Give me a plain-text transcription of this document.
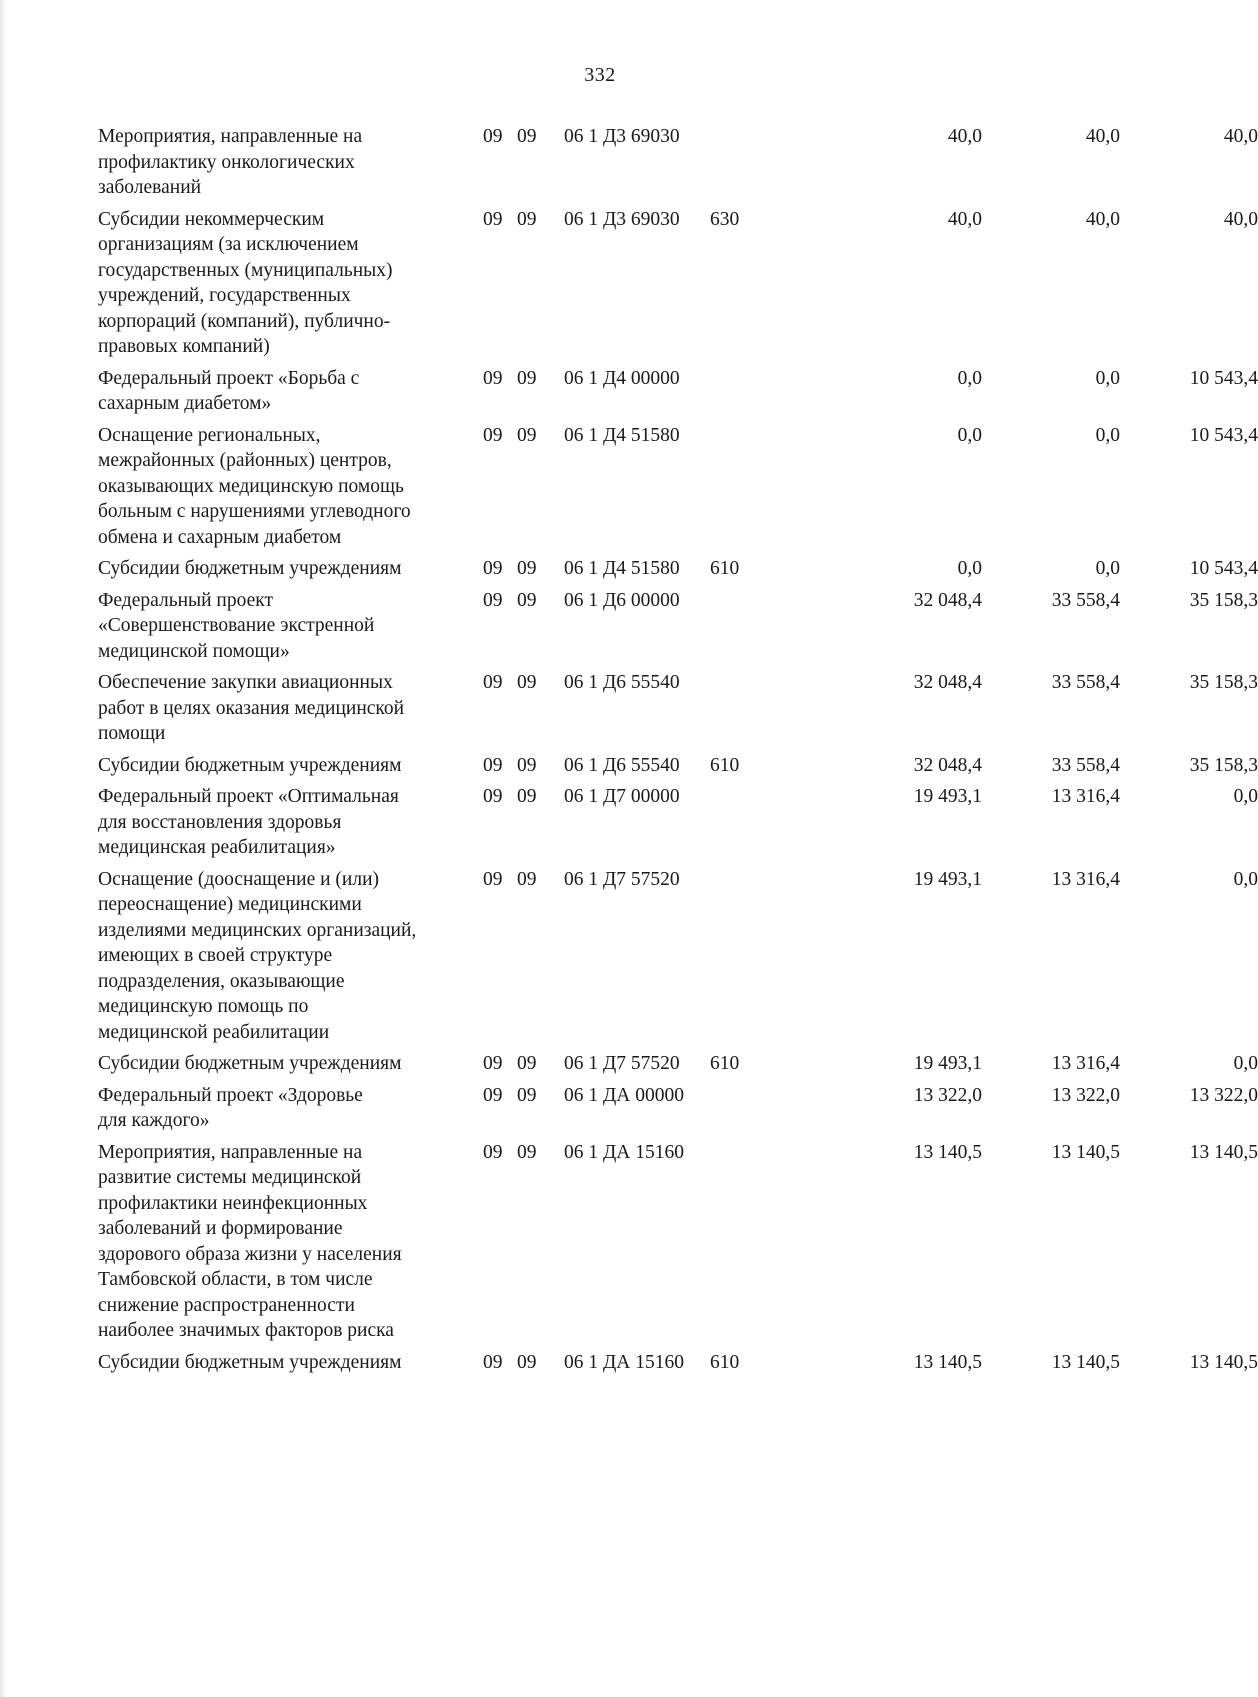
332
Мероприятия, направленные на
профилактику онкологических
заболеваний
09 09 06 1 Д3 69030	40,0	40,0	40,0
Субсидии некоммерческим
организациям (за исключением
государственных (муниципальных)
учреждений, государственных
корпораций (компаний), публично-
правовых компаний)
09 09 06 1 Д3 69030 630	40,0	40,0	40,0
Федеральный проект «Борьба с
сахарным диабетом»
09 09 06 1 Д4 00000	0,0	0,0	10 543,4
Оснащение региональных,
межрайонных (районных) центров,
оказывающих медицинскую помощь
больным с нарушениями углеводного
обмена и сахарным диабетом
09 09 06 1 Д4 51580	0,0	0,0	10 543,4
Субсидии бюджетным учреждениям	09 09 06 1 Д4 51580 610	0,0	0,0	10 543,4
Федеральный проект
«Совершенствование экстренной
медицинской помощи»
09 09 06 1 Д6 00000	32 048,4	33 558,4	35 158,3
Обеспечение закупки авиационных
работ в целях оказания медицинской
помощи
09 09 06 1 Д6 55540	32 048,4	33 558,4	35 158,3
Субсидии бюджетным учреждениям	09 09 06 1 Д6 55540 610	32 048,4	33 558,4	35 158,3
Федеральный проект «Оптимальная
для восстановления здоровья
медицинская реабилитация»
09 09 06 1 Д7 00000	19 493,1	13 316,4	0,0
Оснащение (дооснащение и (или)
переоснащение) медицинскими
изделиями медицинских организаций,
имеющих в своей структуре
подразделения, оказывающие
медицинскую помощь по
медицинской реабилитации
09 09 06 1 Д7 57520	19 493,1	13 316,4	0,0
Субсидии бюджетным учреждениям	09 09 06 1 Д7 57520 610	19 493,1	13 316,4	0,0
Федеральный проект «Здоровье
для каждого»
09 09 06 1 ДА 00000	13 322,0	13 322,0	13 322,0
Мероприятия, направленные на
развитие системы медицинской
профилактики неинфекционных
заболеваний и формирование
здорового образа жизни у населения
Тамбовской области, в том числе
снижение распространенности
наиболее значимых факторов риска
09 09 06 1 ДА 15160	13 140,5	13 140,5	13 140,5
Субсидии бюджетным учреждениям	09 09 06 1 ДА 15160 610	13 140,5	13 140,5	13 140,5
